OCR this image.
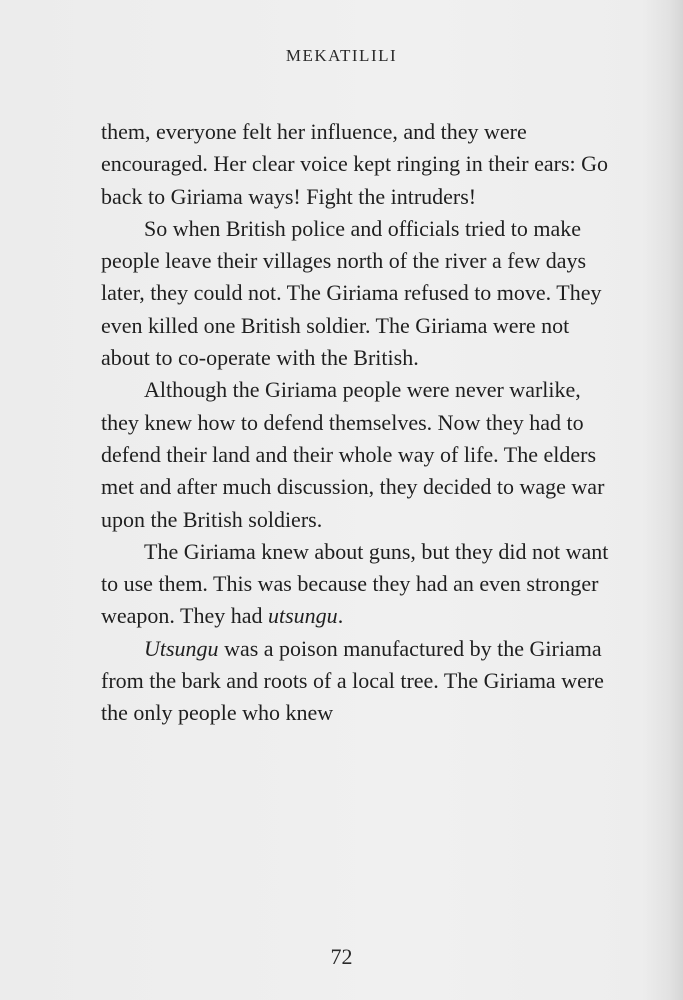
MEKATILILI

them, everyone felt her influence, and they were encouraged. Her clear voice kept ringing in their ears: Go back to Giriama ways! Fight the intruders!

So when British police and officials tried to make people leave their villages north of the river a few days later, they could not. The Giriama refused to move. They even killed one British soldier. The Giriama were not about to co-operate with the British.

Although the Giriama people were never warlike, they knew how to defend themselves. Now they had to defend their land and their whole way of life. The elders met and after much discussion, they decided to wage war upon the British soldiers.

The Giriama knew about guns, but they did not want to use them. This was because they had an even stronger weapon. They had utsungu.

Utsungu was a poison manufactured by the Giriama from the bark and roots of a local tree. The Giriama were the only people who knew

72
